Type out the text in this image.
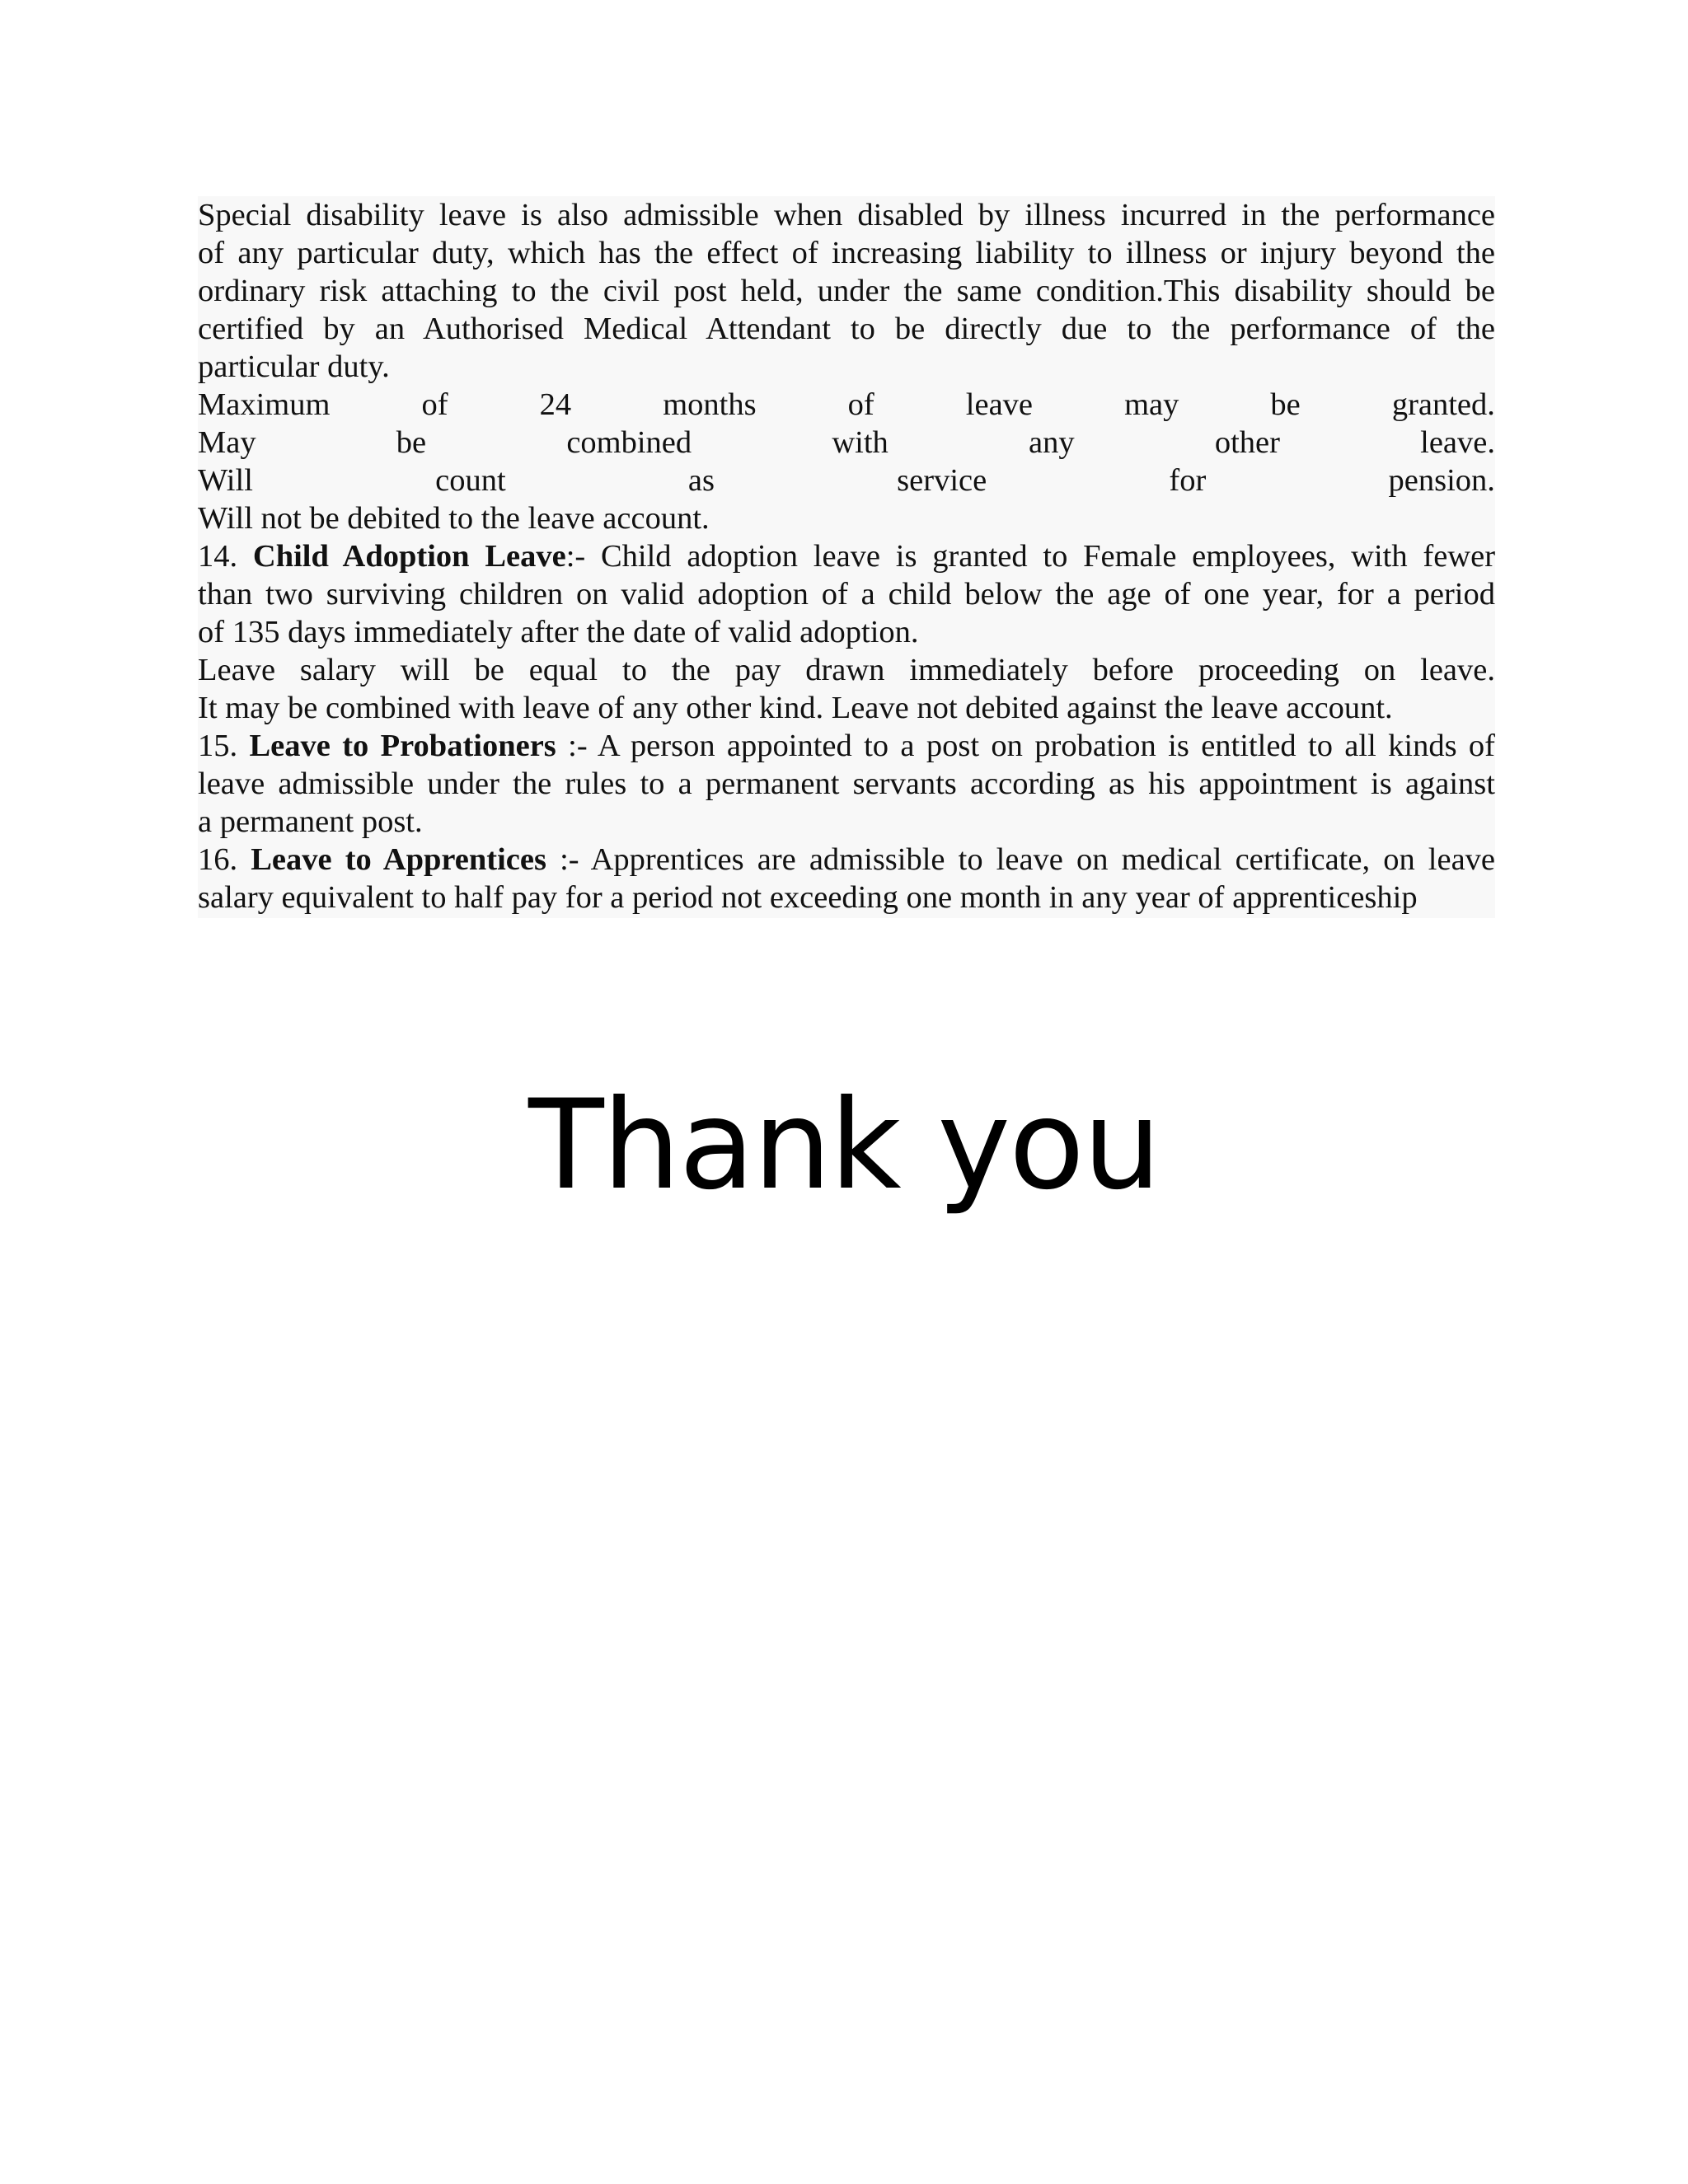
Special disability leave is also admissible when disabled by illness incurred in the performance
of any particular duty, which has the effect of increasing liability to illness or injury beyond the
ordinary risk attaching to the civil post held, under the same condition.This disability should be
certified by an Authorised Medical Attendant to be directly due to the performance of the
particular duty.
Maximum	of	24	months	of	leave	may	be	granted.
May	be	combined	with	any	other	leave.
Will	count	as	service	for	pension.
Will not be debited to the leave account.
14. Child Adoption Leave:- Child adoption leave is granted to Female employees, with fewer
than two surviving children on valid adoption of a child below the age of one year, for a period
of 135 days immediately after the date of valid adoption.
Leave salary will be equal to the pay drawn immediately before proceeding on leave.
It may be combined with leave of any other kind. Leave not debited against the leave account.
15. Leave to Probationers :- A person appointed to a post on probation is entitled to all kinds of
leave admissible under the rules to a permanent servants according as his appointment is against
a permanent post.
16. Leave to Apprentices :- Apprentices are admissible to leave on medical certificate, on leave
salary equivalent to half pay for a period not exceeding one month in any year of apprenticeship
Thank you
